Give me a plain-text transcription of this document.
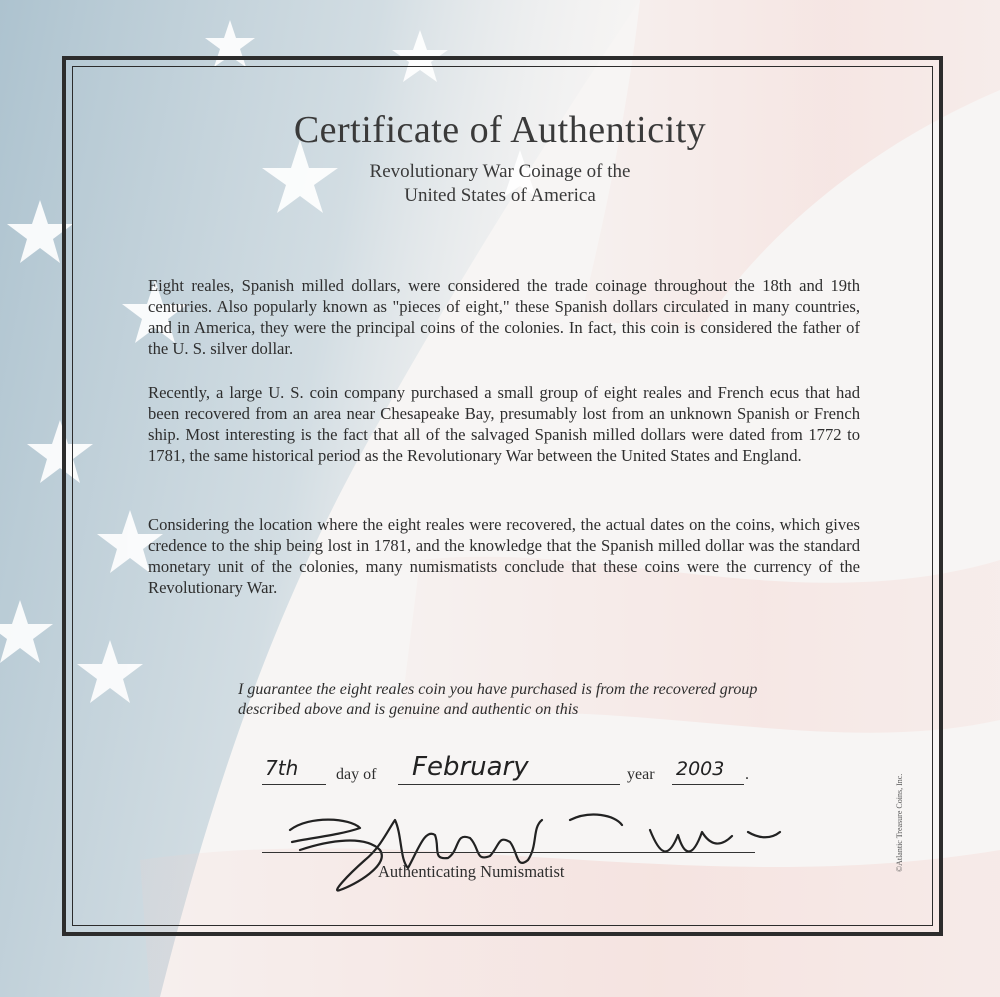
Certificate of Authenticity
Revolutionary War Coinage of the
United States of America
Eight reales, Spanish milled dollars, were considered the trade coinage throughout the 18th and 19th centuries. Also popularly known as "pieces of eight," these Spanish dollars circulated in many countries, and in America, they were the principal coins of the colonies. In fact, this coin is considered the father of the U. S. silver dollar.
Recently, a large U. S. coin company purchased a small group of eight reales and French ecus that had been recovered from an area near Chesapeake Bay, presumably lost from an unknown Spanish or French ship. Most interesting is the fact that all of the salvaged Spanish milled dollars were dated from 1772 to 1781, the same historical period as the Revolutionary War between the United States and England.
Considering the location where the eight reales were recovered, the actual dates on the coins, which gives credence to the ship being lost in 1781, and the knowledge that the Spanish milled dollar was the standard monetary unit of the colonies, many numismatists conclude that these coins were the currency of the Revolutionary War.
I guarantee the eight reales coin you have purchased is from the recovered group described above and is genuine and authentic on this
7th day of February	year 2003 .
Authenticating Numismatist	©Atlantic Treasure Coins, Inc.
